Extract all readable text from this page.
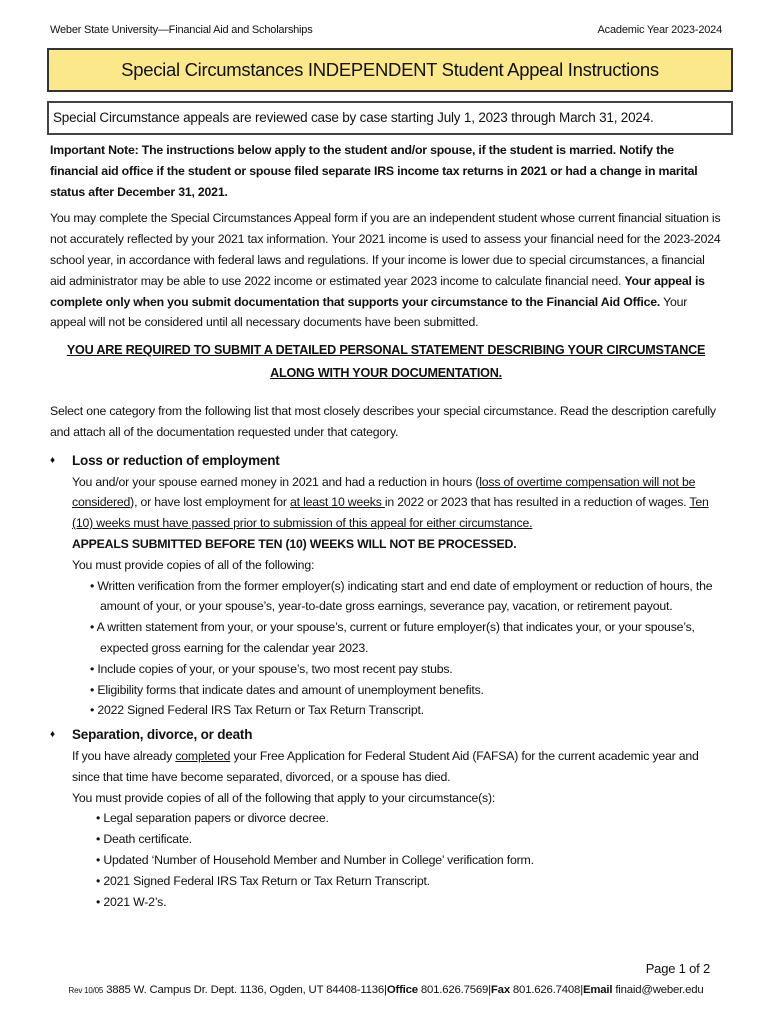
Weber State University—Financial Aid and Scholarships	Academic Year 2023-2024
Special Circumstances INDEPENDENT Student Appeal Instructions
Special Circumstance appeals are reviewed case by case starting July 1, 2023 through March 31, 2024.

Important Note: The instructions below apply to the student and/or spouse, if the student is married. Notify the financial aid office if the student or spouse filed separate IRS income tax returns in 2021 or had a change in marital status after December 31, 2021.

You may complete the Special Circumstances Appeal form if you are an independent student whose current financial situation is not accurately reflected by your 2021 tax information. Your 2021 income is used to assess your financial need for the 2023-2024 school year, in accordance with federal laws and regulations. If your income is lower due to special circumstances, a financial aid administrator may be able to use 2022 income or estimated year 2023 income to calculate financial need. Your appeal is complete only when you submit documentation that supports your circumstance to the Financial Aid Office. Your appeal will not be considered until all necessary documents have been submitted.

YOU ARE REQUIRED TO SUBMIT A DETAILED PERSONAL STATEMENT DESCRIBING YOUR CIRCUMSTANCE ALONG WITH YOUR DOCUMENTATION.

Select one category from the following list that most closely describes your special circumstance. Read the description carefully and attach all of the documentation requested under that category.

♦	Loss or reduction of employment
You and/or your spouse earned money in 2021 and had a reduction in hours (loss of overtime compensation will not be considered), or have lost employment for at least 10 weeks in 2022 or 2023 that has resulted in a reduction of wages. Ten (10) weeks must have passed prior to submission of this appeal for either circumstance.
APPEALS SUBMITTED BEFORE TEN (10) WEEKS WILL NOT BE PROCESSED.
You must provide copies of all of the following:
• Written verification from the former employer(s) indicating start and end date of employment or reduction of hours, the amount of your, or your spouse’s, year-to-date gross earnings, severance pay, vacation, or retirement payout.
• A written statement from your, or your spouse’s, current or future employer(s) that indicates your, or your spouse’s, expected gross earning for the calendar year 2023.
• Include copies of your, or your spouse’s, two most recent pay stubs.
• Eligibility forms that indicate dates and amount of unemployment benefits.
• 2022 Signed Federal IRS Tax Return or Tax Return Transcript.
♦	Separation, divorce, or death
If you have already completed your Free Application for Federal Student Aid (FAFSA) for the current academic year and since that time have become separated, divorced, or a spouse has died.
You must provide copies of all of the following that apply to your circumstance(s):
• Legal separation papers or divorce decree.
• Death certificate.
• Updated ‘Number of Household Member and Number in College’ verification form.
• 2021 Signed Federal IRS Tax Return or Tax Return Transcript.
• 2021 W-2’s.
Page 1 of 2
Rev 10/05 3885 W. Campus Dr. Dept. 1136, Ogden, UT 84408-1136|Office 801.626.7569|Fax 801.626.7408|Email finaid@weber.edu
